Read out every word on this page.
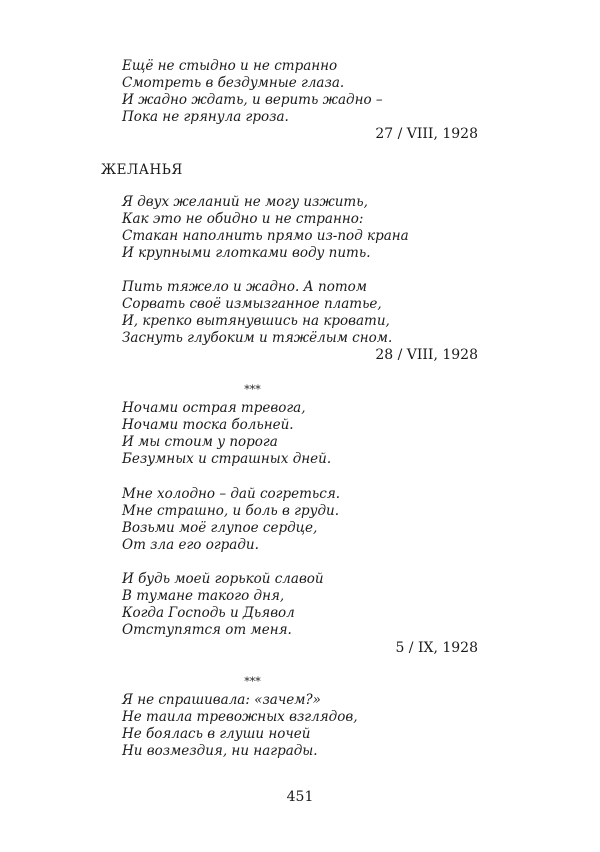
Ещё не стыдно и не странно
Смотреть в бездумные глаза.
И жадно ждать, и верить жадно –
Пока не грянула гроза.
27 / VIII, 1928
ЖЕЛАНЬЯ
Я двух желаний не могу изжить,
Как это не обидно и не странно:
Стакан наполнить прямо из-под крана
И крупными глотками воду пить.
Пить тяжело и жадно. А потом
Сорвать своё измызганное платье,
И, крепко вытянувшись на кровати,
Заснуть глубоким и тяжёлым сном.
28 / VIII, 1928
***
Ночами острая тревога,
Ночами тоска больней.
И мы стоим у порога
Безумных и страшных дней.
Мне холодно – дай согреться.
Мне страшно, и боль в груди.
Возьми моё глупое сердце,
От зла его огради.
И будь моей горькой славой
В тумане такого дня,
Когда Господь и Дьявол
Отступятся от меня.
5 / IX, 1928
***
Я не спрашивала: «зачем?»
Не таила тревожных взглядов,
Не боялась в глуши ночей
Ни возмездия, ни награды.
451
